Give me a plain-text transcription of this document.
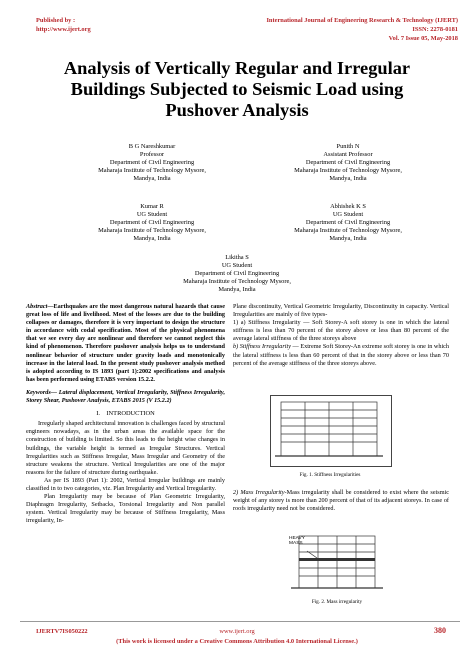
Published by :
http://www.ijert.org
International Journal of Engineering Research & Technology (IJERT)
ISSN: 2278-0181
Vol. 7 Issue 05, May-2018
Analysis of Vertically Regular and Irregular
Buildings Subjected to Seismic Load using
Pushover Analysis
B G Nareshkumar
Professor
Department of Civil Engineering
Maharaja Institute of Technology Mysore,
Mandya, India
Punith N
Assistant Professor
Department of Civil Engineering
Maharaja Institute of Technology Mysore,
Mandya, India
Kumar R
UG Student
Department of Civil Engineering
Maharaja Institute of Technology Mysore,
Mandya, India
Abhishek K S
UG Student
Department of Civil Engineering
Maharaja Institute of Technology Mysore,
Mandya, India
Likitha S
UG Student
Department of Civil Engineering
Maharaja Institute of Technology Mysore,
Mandya, India

Abstract—Earthquakes are the most dangerous natural hazards that cause great loss of life and livelihood. Most of the losses are due to the building collapses or damages, therefore it is very important to design the structure in accordance with codal specification. Most of the physical phenomena that we see every day are nonlinear and therefore we cannot neglect this kind of phenomenon. Therefore pushover analysis helps us to understand nonlinear behavior of structure under gravity loads and monotonically increase in the lateral load. In the present study pushover analysis method is adopted according to IS 1893 (part 1):2002 specifications and analysis has been performed using ETABS version 15.2.2.

Keywords— Lateral displacement, Vertical Irregularity, Stiffness Irregularity, Storey Shear, Pushover Analysis, ETABS 2015 (V 15.2.2)

I. INTRODUCTION

Irregularly shaped architectural innovation is challenges faced by structural engineers nowadays, as in the urban areas the available space for the construction of building is limited. So this leads to the height wise changes in buildings, the variable height is termed as Irregular Structures. Vertical Irregularities such as Stiffness Irregular, Mass Irregular and Geometry of the structure weakens the structure. Vertical Irregularities are one of the major reasons for the failure of structure during earthquake.

As per IS 1893 (Part 1): 2002, Vertical Irregular buildings are mainly classified in to two categories, viz. Plan Irregularity and Vertical Irregularity.

Plan Irregularity may be because of Plan Geometric Irregularity, Diaphragm Irregularity, Setbacks, Torsional Irregularity and Non parallel system. Vertical Irregularity may be because of Stiffness Irregularity, Mass irregularity, In-

Plane discontinuity, Vertical Geometric Irregularity, Discontinuity in capacity. Vertical Irregularities are mainly of five types-

1) a) Stiffness Irregularity — Soft Storey-A soft storey is one in which the lateral stiffness is less than 70 percent of the storey above or less than 80 percent of the average lateral stiffness of the three storeys above

b) Stiffness Irregularity — Extreme Soft Storey-An extreme soft storey is one in which the lateral stiffness is less than 60 percent of that in the storey above or less than 70 percent of the average stiffness of the three storeys above.

Fig. 1. Stiffness Irregularities

2) Mass Irregularity-Mass irregularity shall be considered to exist where the seismic weight of any storey is more than 200 percent of that of its adjacent storeys. In case of roofs irregularity need not be considered.

HEAVY MASS
Fig. 2. Mass irregularity
IJERTV7IS050222	www.ijert.org	380
(This work is licensed under a Creative Commons Attribution 4.0 International License.)
